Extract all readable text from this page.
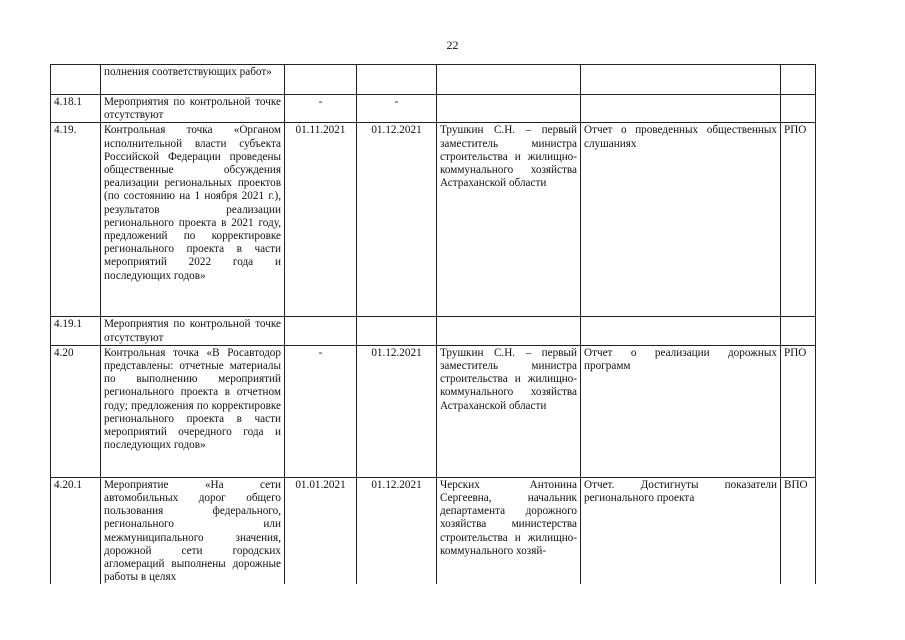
22
	полнения соответствующих работ»					
4.18.1	Мероприятия по контрольной точке отсутствуют	-	-			
4.19.	Контрольная точка «Органом исполнительной власти субъекта Российской Федерации проведены общественные обсуждения реализации региональных проектов (по состоянию на 1 ноября 2021 г.), результатов реализации регионального проекта в 2021 году, предложений по корректировке регионального проекта в части мероприятий 2022 года и последующих годов»	01.11.2021	01.12.2021	Трушкин С.Н. – первый заместитель министра строительства и жилищно-коммунального хозяйства Астраханской области	Отчет о проведенных общественных слушаниях	РПО
4.19.1	Мероприятия по контрольной точке отсутствуют					
4.20	Контрольная точка «В Росавтодор представлены: отчетные материалы по выполнению мероприятий регионального проекта в отчетном году; предложения по корректировке регионального проекта в части мероприятий очередного года и последующих годов»	-	01.12.2021	Трушкин С.Н. – первый заместитель министра строительства и жилищно-коммунального хозяйства Астраханской области	Отчет о реализации дорожных программ	РПО
4.20.1	Мероприятие «На сети автомобильных дорог общего пользования федерального, регионального или межмуниципального значения, дорожной сети городских агломераций выполнены дорожные работы в целях	01.01.2021	01.12.2021	Черских Антонина Сергеевна, начальник департамента дорожного хозяйства министерства строительства и жилищно-коммунального хозяй-	Отчет. Достигнуты показатели регионального проекта	ВПО
